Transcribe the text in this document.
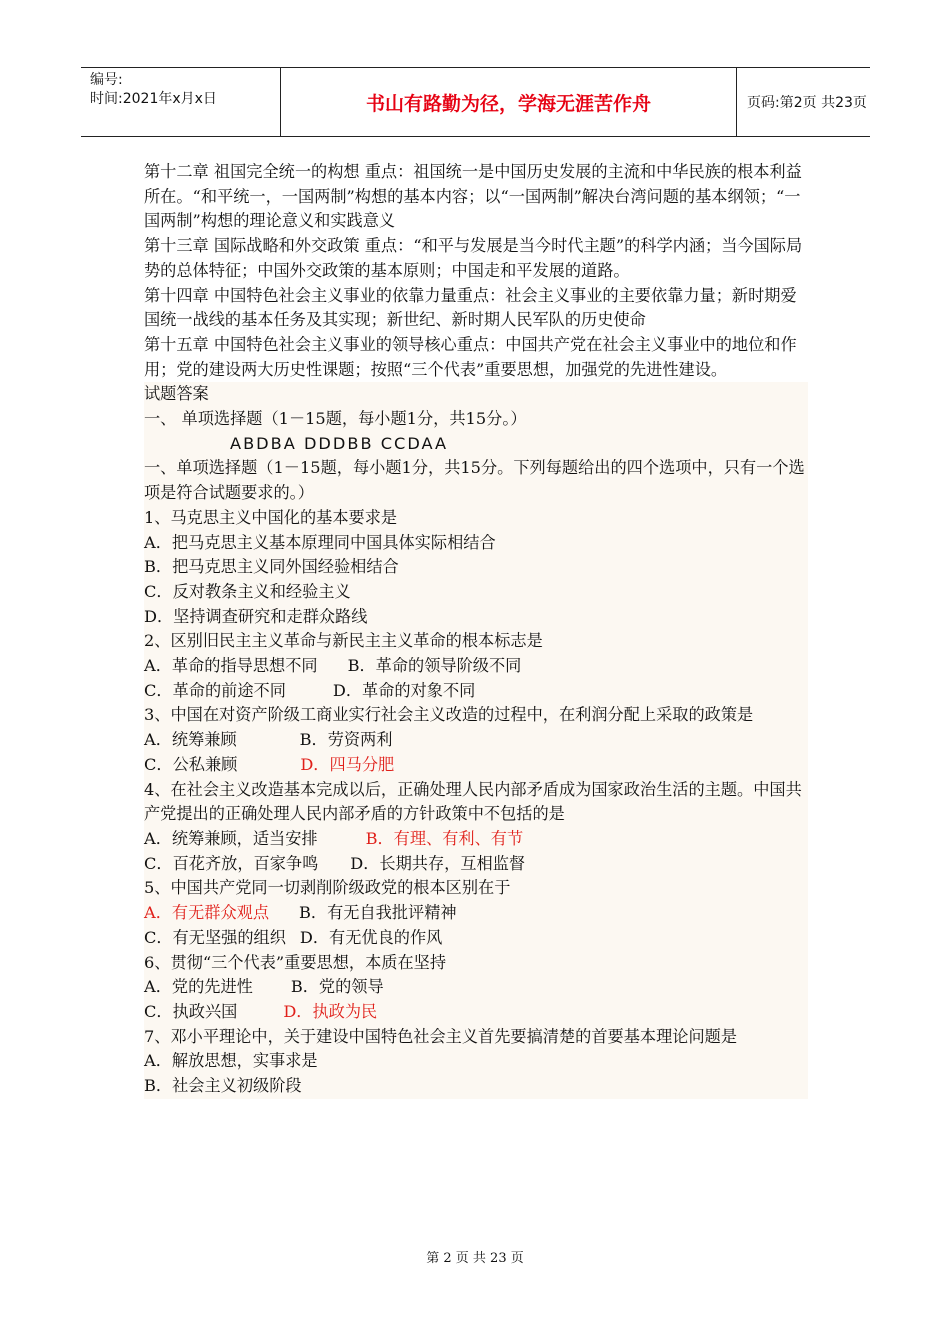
编号:
时间:2021年x月x日	书山有路勤为径，学海无涯苦作舟	页码:第2页 共23页

第十二章 祖国完全统一的构想 重点：祖国统一是中国历史发展的主流和中华民族的根本利益所在。“和平统一，一国两制”构想的基本内容；以“一国两制”解决台湾问题的基本纲领；“一国两制”构想的理论意义和实践意义

第十三章 国际战略和外交政策 重点：“和平与发展是当今时代主题”的科学内涵；当今国际局势的总体特征；中国外交政策的基本原则；中国走和平发展的道路。

第十四章 中国特色社会主义事业的依靠力量重点：社会主义事业的主要依靠力量；新时期爱国统一战线的基本任务及其实现；新世纪、新时期人民军队的历史使命

第十五章 中国特色社会主义事业的领导核心重点：中国共产党在社会主义事业中的地位和作用；党的建设两大历史性课题；按照“三个代表”重要思想，加强党的先进性建设。

试题答案

一、 单项选择题（1－15题，每小题1分，共15分。）

ABDBA DDDBB CCDAA

一、单项选择题（1－15题，每小题1分，共15分。下列每题给出的四个选项中，只有一个选项是符合试题要求的。）

1、马克思主义中国化的基本要求是

A．把马克思主义基本原理同中国具体实际相结合

B．把马克思主义同外国经验相结合

C．反对教条主义和经验主义

D．坚持调查研究和走群众路线

2、区别旧民主主义革命与新民主主义革命的根本标志是

A．革命的指导思想不同 B．革命的领导阶级不同

C．革命的前途不同	D．革命的对象不同

3、中国在对资产阶级工商业实行社会主义改造的过程中，在利润分配上采取的政策是

A．统筹兼顾	B．劳资两利

C．公私兼顾	D．四马分肥

4、在社会主义改造基本完成以后，正确处理人民内部矛盾成为国家政治生活的主题。中国共产党提出的正确处理人民内部矛盾的方针政策中不包括的是

A．统筹兼顾，适当安排	B．有理、有利、有节

C．百花齐放，百家争鸣 D．长期共存，互相监督

5、中国共产党同一切剥削阶级政党的根本区别在于

A．有无群众观点 B．有无自我批评精神

C．有无坚强的组织 D．有无优良的作风

6、贯彻“三个代表”重要思想，本质在坚持

A．党的先进性 B．党的领导

C．执政兴国	D．执政为民

7、邓小平理论中，关于建设中国特色社会主义首先要搞清楚的首要基本理论问题是

A．解放思想，实事求是

B．社会主义初级阶段

第 2 页 共 23 页
